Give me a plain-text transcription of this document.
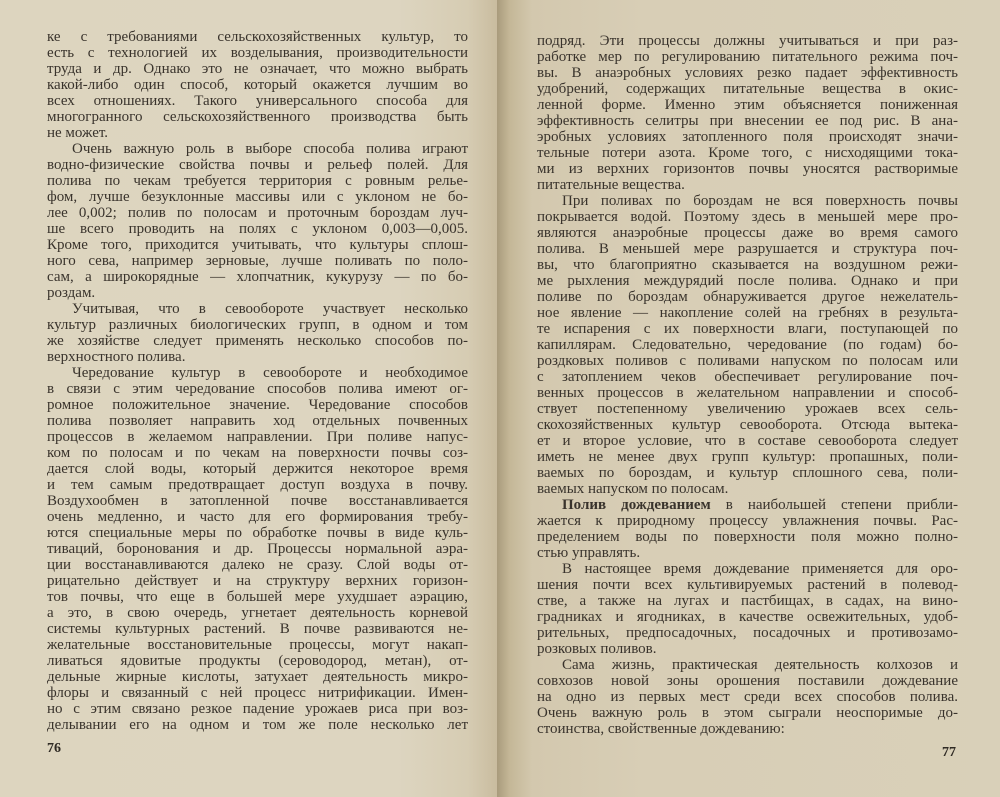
ке с требованиями сельскохозяйственных культур, то
есть с технологией их возделывания, производительности
труда и др. Однако это не означает, что можно выбрать
какой-либо один способ, который окажется лучшим во
всех отношениях. Такого универсального способа для
многогранного сельскохозяйственного производства быть
не может.
Очень важную роль в выборе способа полива играют
водно-физические свойства почвы и рельеф полей. Для
полива по чекам требуется территория с ровным релье-
фом, лучше безуклонные массивы или с уклоном не бо-
лее 0,002; полив по полосам и проточным бороздам луч-
ше всего проводить на полях с уклоном 0,003—0,005.
Кроме того, приходится учитывать, что культуры сплош-
ного сева, например зерновые, лучше поливать по поло-
сам, а широкорядные — хлопчатник, кукурузу — по бо-
роздам.
Учитывая, что в севообороте участвует несколько
культур различных биологических групп, в одном и том
же хозяйстве следует применять несколько способов по-
верхностного полива.
Чередование культур в севообороте и необходимое
в связи с этим чередование способов полива имеют ог-
ромное положительное значение. Чередование способов
полива позволяет направить ход отдельных почвенных
процессов в желаемом направлении. При поливе напус-
ком по полосам и по чекам на поверхности почвы соз-
дается слой воды, который держится некоторое время
и тем самым предотвращает доступ воздуха в почву.
Воздухообмен в затопленной почве восстанавливается
очень медленно, и часто для его формирования требу-
ются специальные меры по обработке почвы в виде куль-
тиваций, боронования и др. Процессы нормальной аэра-
ции восстанавливаются далеко не сразу. Слой воды от-
рицательно действует и на структуру верхних горизон-
тов почвы, что еще в большей мере ухудшает аэрацию,
а это, в свою очередь, угнетает деятельность корневой
системы культурных растений. В почве развиваются не-
желательные восстановительные процессы, могут накап-
ливаться ядовитые продукты (сероводород, метан), от-
дельные жирные кислоты, затухает деятельность микро-
флоры и связанный с ней процесс нитрификации. Имен-
но с этим связано резкое падение урожаев риса при воз-
делывании его на одном и том же поле несколько лет
76
подряд. Эти процессы должны учитываться и при раз-
работке мер по регулированию питательного режима поч-
вы. В анаэробных условиях резко падает эффективность
удобрений, содержащих питательные вещества в окис-
ленной форме. Именно этим объясняется пониженная
эффективность селитры при внесении ее под рис. В ана-
эробных условиях затопленного поля происходят значи-
тельные потери азота. Кроме того, с нисходящими тока-
ми из верхних горизонтов почвы уносятся растворимые
питательные вещества.
При поливах по бороздам не вся поверхность почвы
покрывается водой. Поэтому здесь в меньшей мере про-
являются анаэробные процессы даже во время самого
полива. В меньшей мере разрушается и структура поч-
вы, что благоприятно сказывается на воздушном режи-
ме рыхления междурядий после полива. Однако и при
поливе по бороздам обнаруживается другое нежелатель-
ное явление — накопление солей на гребнях в результа-
те испарения с их поверхности влаги, поступающей по
капиллярам. Следовательно, чередование (по годам) бо-
роздковых поливов с поливами напуском по полосам или
с затоплением чеков обеспечивает регулирование поч-
венных процессов в желательном направлении и способ-
ствует постепенному увеличению урожаев всех сель-
скохозяйственных культур севооборота. Отсюда вытека-
ет и второе условие, что в составе севооборота следует
иметь не менее двух групп культур: пропашных, поли-
ваемых по бороздам, и культур сплошного сева, поли-
ваемых напуском по полосам.
Полив дождеванием в наибольшей степени прибли-
жается к природному процессу увлажнения почвы. Рас-
пределением воды по поверхности поля можно полно-
стью управлять.
В настоящее время дождевание применяется для оро-
шения почти всех культивируемых растений в полевод-
стве, а также на лугах и пастбищах, в садах, на вино-
градниках и ягодниках, в качестве освежительных, удоб-
рительных, предпосадочных, посадочных и противозамо-
розковых поливов.
Сама жизнь, практическая деятельность колхозов и
совхозов новой зоны орошения поставили дождевание
на одно из первых мест среди всех способов полива.
Очень важную роль в этом сыграли неоспоримые до-
стоинства, свойственные дождеванию:
77
